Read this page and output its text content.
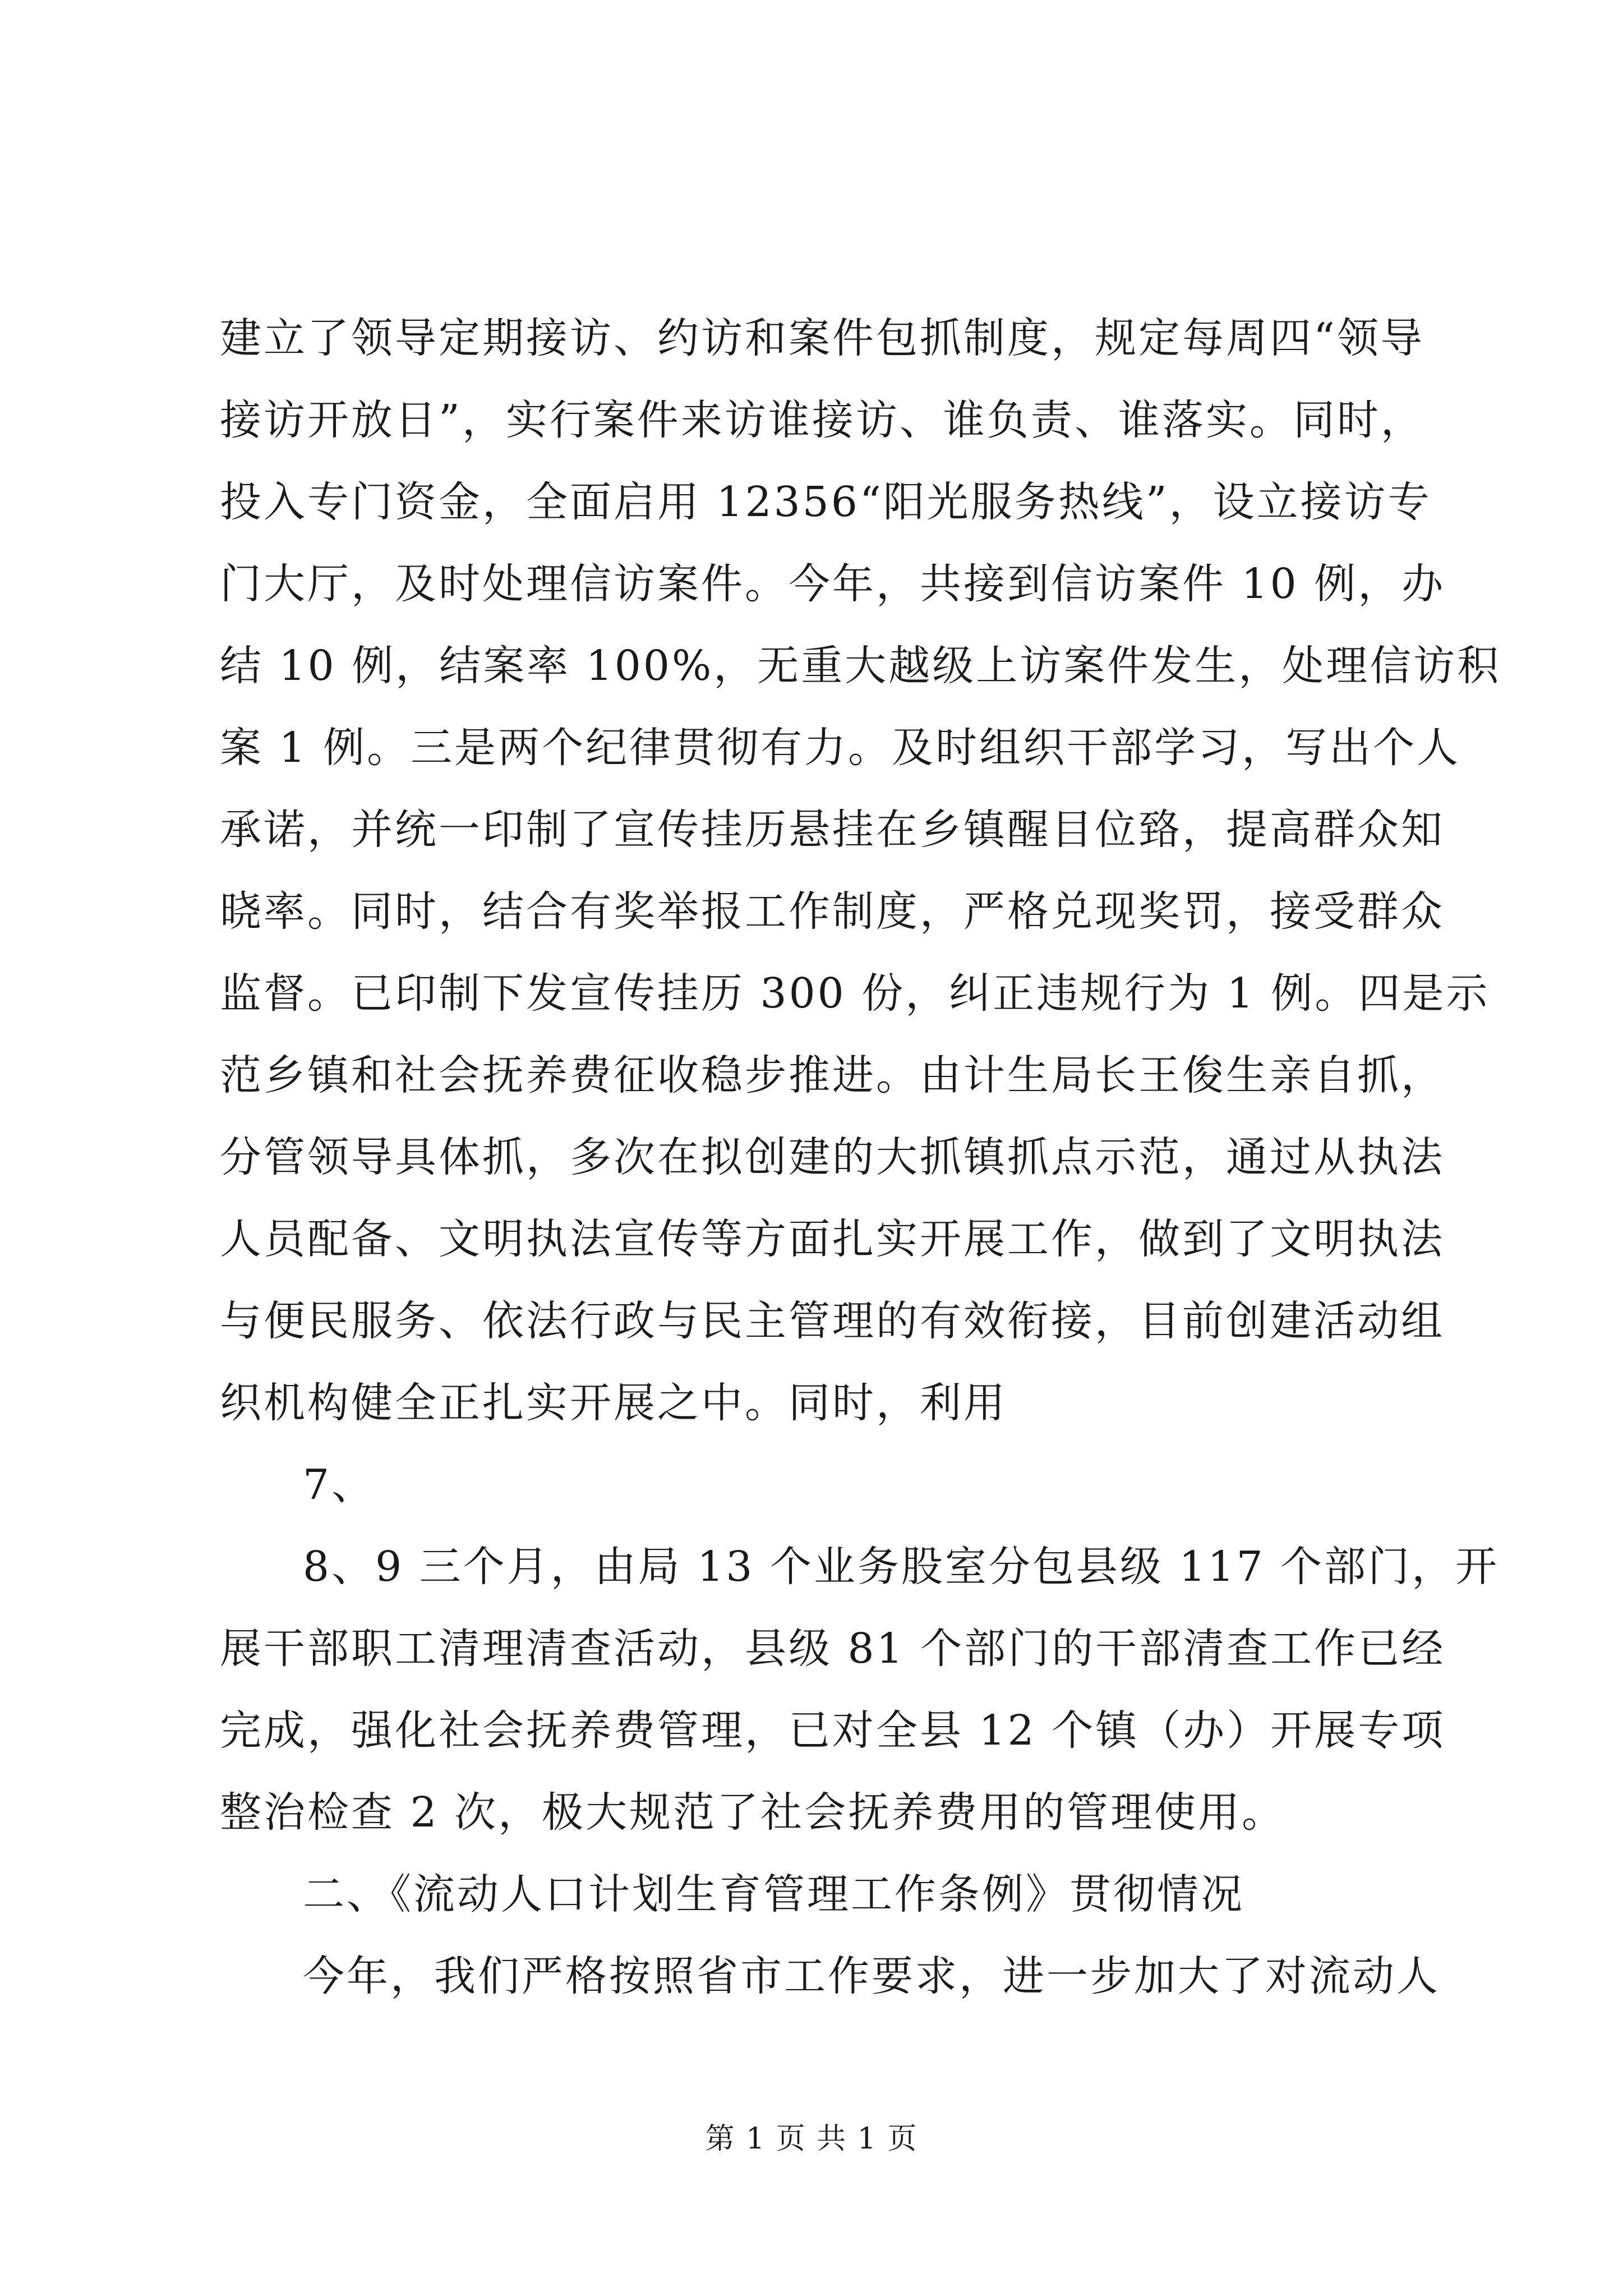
建立了领导定期接访、约访和案件包抓制度，规定每周四“领导
接访开放日”，实行案件来访谁接访、谁负责、谁落实。同时，
投入专门资金，全面启用 12356“阳光服务热线”，设立接访专
门大厅，及时处理信访案件。今年，共接到信访案件 10 例，办
结 10 例，结案率 100%，无重大越级上访案件发生，处理信访积
案 1 例。三是两个纪律贯彻有力。及时组织干部学习，写出个人
承诺，并统一印制了宣传挂历悬挂在乡镇醒目位臵，提高群众知
晓率。同时，结合有奖举报工作制度，严格兑现奖罚，接受群众
监督。已印制下发宣传挂历 300 份，纠正违规行为 1 例。四是示
范乡镇和社会抚养费征收稳步推进。由计生局长王俊生亲自抓，
分管领导具体抓，多次在拟创建的大抓镇抓点示范，通过从执法
人员配备、文明执法宣传等方面扎实开展工作，做到了文明执法
与便民服务、依法行政与民主管理的有效衔接，目前创建活动组
织机构健全正扎实开展之中。同时，利用
7、
8、9 三个月，由局 13 个业务股室分包县级 117 个部门，开
展干部职工清理清查活动，县级 81 个部门的干部清查工作已经
完成，强化社会抚养费管理，已对全县 12 个镇（办）开展专项
整治检查 2 次，极大规范了社会抚养费用的管理使用。
二、《流动人口计划生育管理工作条例》贯彻情况
今年，我们严格按照省市工作要求，进一步加大了对流动人
第 1 页 共 1 页
